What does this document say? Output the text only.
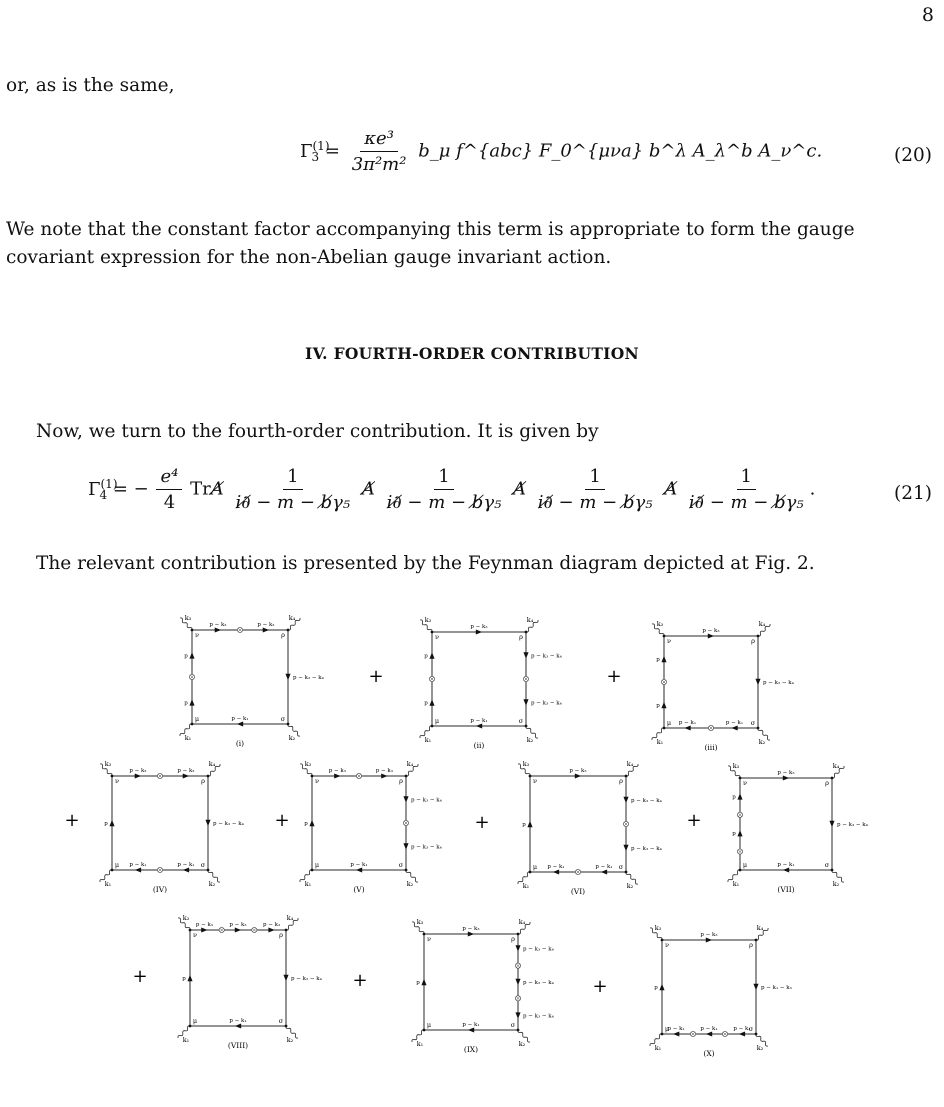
8
or, as is the same,
$\Gamma^{(1)}_3 = \frac{\text{κe³}}{\text{3π²m²}}$ b_μ f^{abc} F_0^{μνa} b^λ A_λ^b A_ν^c.	(20)
We note that the constant factor accompanying this term is appropriate to form the gauge covariant expression for the non-Abelian gauge invariant action.
IV. FOURTH-ORDER CONTRIBUTION
Now, we turn to the fourth-order contribution. It is given by
$\Gamma^{(1)}_4$ = − $\frac{\text{e⁴}}{4}$ TrA̸ $\frac{1}{\text{i∂̸ − m − b̸γ₅}}$ A̸ $\frac{1}{\text{i∂̸ − m − b̸γ₅}}$ A̸ $\frac{1}{\text{i∂̸ − m − b̸γ₅}}$ A̸ $\frac{1}{\text{i∂̸ − m − b̸γ₅}}$ .	(21)
The relevant contribution is presented by the Feynman diagram depicted at Fig. 2.
k₃	k₄
k₁	k₂
ν	ρ
μ	σ
p − k₃	p − k₃
p − k₁
p
p
p − k₃ − k₄
(i)
k₃	k₄
k₁	k₂
ν	ρ
μ	σ
p − k₃
p − k₁
p
p
p − k₃ − k₄
p − k₃ − k₄
(ii)
k₃	k₄
k₁	k₂
ν	ρ
μ	σ
p − k₃
p − k₁	p − k₁
p
p
p − k₃ − k₄
(iii)
k₃	k₄
k₁	k₂
ν	ρ
μ	σ
p − k₃	p − k₃
p − k₁	p − k₁
p	p − k₃ − k₄
(IV)
k₃	k₄
k₁	k₂
ν	ρ
μ	σ
p − k₃	p − k₃
p − k₁
p
p − k₃ − k₄
p − k₃ − k₄
(V)
k₃	k₄
k₁	k₂
ν	ρ
μ	σ
p − k₃
p − k₁	p − k₁
p
p − k₃ − k₄
p − k₃ − k₄
(VI)
k₃	k₄
k₁	k₂
ν	ρ
μ	σ
p − k₃
p − k₁
p
p
p − k₃ − k₄
(VII)
k₃	k₄
k₁	k₂
ν	ρ
μ	σ
p − k₃	p − k₃	p − k₃
p − k₁
p	p − k₃ − k₄
(VIII)
k₃	k₄
k₁	k₂
ν	ρ
μ	σ
p − k₃
p − k₁
p
p − k₃ − k₄
p − k₃ − k₄
p − k₃ − k₄
(IX)
k₃	k₄
k₁	k₂
ν	ρ
μ	σ
p − k₃
p − k₁	p − k₁	p − k₁
p	p − k₁ − k₃
(X)
+	+
+	+	+	+
+	+	+
